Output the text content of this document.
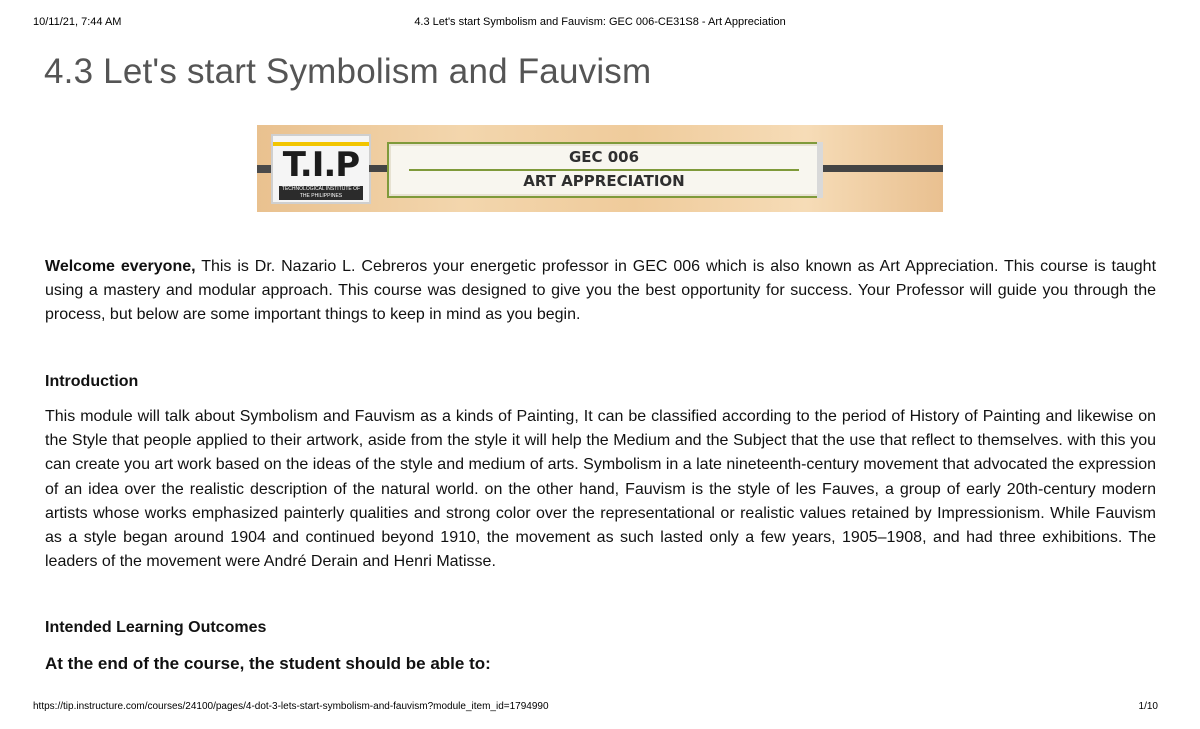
10/11/21, 7:44 AM	4.3 Let's start Symbolism and Fauvism: GEC 006-CE31S8 - Art Appreciation
4.3 Let's start Symbolism and Fauvism
T.I.P
TECHNOLOGICAL INSTITUTE OF THE PHILIPPINES
GEC 006
ART APPRECIATION

Welcome everyone, This is Dr. Nazario L. Cebreros your energetic professor in GEC 006 which is also known as Art Appreciation. This course is taught using a mastery and modular approach. This course was designed to give you the best opportunity for success. Your Professor will guide you through the process, but below are some important things to keep in mind as you begin.

Introduction

This module will talk about Symbolism and Fauvism as a kinds of Painting, It can be classified according to the period of History of Painting and likewise on the Style that people applied to their artwork, aside from the style it will help the Medium and the Subject that the use that reflect to themselves. with this you can create you art work based on the ideas of the style and medium of arts. Symbolism in a late nineteenth-century movement that advocated the expression of an idea over the realistic description of the natural world. on the other hand, Fauvism is the style of les Fauves, a group of early 20th-century modern artists whose works emphasized painterly qualities and strong color over the representational or realistic values retained by Impressionism. While Fauvism as a style began around 1904 and continued beyond 1910, the movement as such lasted only a few years, 1905–1908, and had three exhibitions. The leaders of the movement were André Derain and Henri Matisse.

Intended Learning Outcomes
At the end of the course, the student should be able to:
https://tip.instructure.com/courses/24100/pages/4-dot-3-lets-start-symbolism-and-fauvism?module_item_id=1794990	1/10
